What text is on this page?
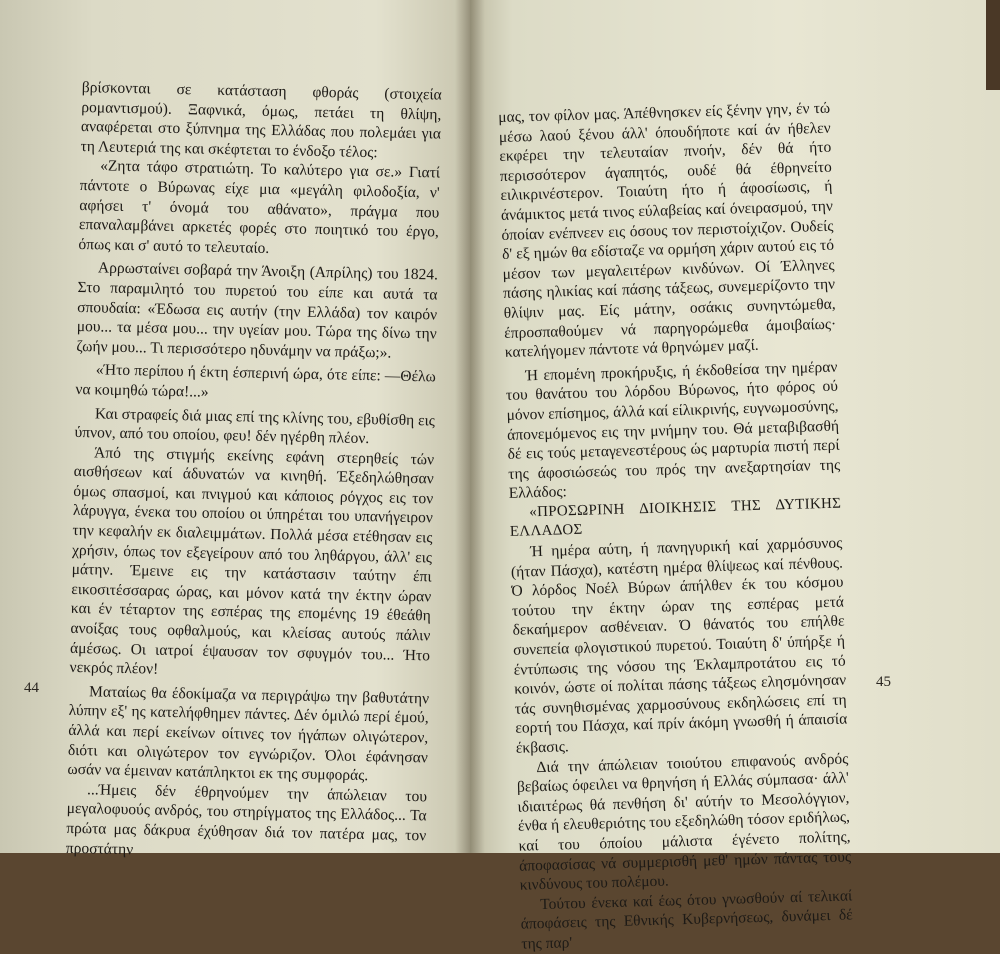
βρίσκονται σε κατάσταση φθοράς (στοιχεία ρομαντισμού). Ξαφνικά, όμως, πετάει τη θλίψη, αναφέρεται στο ξύπνημα της Ελλάδας που πολεμάει για τη Λευτεριά της και σκέφτεται το ένδοξο τέλος:

«Ζητα τάφο στρατιώτη. Το καλύτερο για σε.» Γιατί πάντοτε ο Βύρωνας είχε μια «μεγάλη φιλοδοξία, ν' αφήσει τ' όνομά του αθάνατο», πράγμα που επαναλαμβάνει αρκετές φορές στο ποιητικό του έργο, όπως και σ' αυτό το τελευταίο.

Αρρωσταίνει σοβαρά την Άνοιξη (Απρίλης) του 1824. Στο παραμιλητό του πυρετού του είπε και αυτά τα σπουδαία: «Έδωσα εις αυτήν (την Ελλάδα) τον καιρόν μου... τα μέσα μου... την υγείαν μου. Τώρα της δίνω την ζωήν μου... Τι περισσότερο ηδυνάμην να πράξω;».

«Ήτο περίπου ή έκτη έσπερινή ώρα, ότε είπε: —Θέλω να κοιμηθώ τώρα!...»

Και στραφείς διά μιας επί της κλίνης του, εβυθίσθη εις ύπνον, από του οποίου, φευ! δέν ηγέρθη πλέον.

Άπό της στιγμής εκείνης εφάνη στερηθείς τών αισθήσεων καί άδυνατών να κινηθή. Έξεδηλώθησαν όμως σπασμοί, και πνιγμού και κάποιος ρόγχος εις τον λάρυγγα, ένεκα του οποίου οι ύπηρέται του υπανήγειρον την κεφαλήν εκ διαλειμμάτων. Πολλά μέσα ετέθησαν εις χρήσιν, όπως τον εξεγείρουν από του ληθάργου, άλλ' εις μάτην. Έμεινε εις την κατάστασιν ταύτην έπι εικοσιτέσσαρας ώρας, και μόνον κατά την έκτην ώραν και έν τέταρτον της εσπέρας της επομένης 19 έθεάθη ανοίξας τους οφθαλμούς, και κλείσας αυτούς πάλιν άμέσως. Οι ιατροί έψαυσαν τον σφυγμόν του... Ήτο νεκρός πλέον!

Ματαίως θα έδοκίμαζα να περιγράψω την βαθυτάτην λύπην εξ' ης κατελήφθημεν πάντες. Δέν όμιλώ περί έμού, άλλά και περί εκείνων οίτινες τον ήγάπων ολιγώτερον, διότι και ολιγώτερον τον εγνώριζον. Όλοι έφάνησαν ωσάν να έμειναν κατάπληκτοι εκ της συμφοράς.

...Ήμεις δέν έθρηνούμεν την άπώλειαν του μεγαλοφυούς ανδρός, του στηρίγματος της Ελλάδος... Τα πρώτα μας δάκρυα έχύθησαν διά τον πατέρα μας, τον προστάτην

μας, τον φίλον μας. Άπέθνησκεν είς ξένην γην, έν τώ μέσω λαού ξένου άλλ' όπουδήποτε καί άν ήθελεν εκφέρει την τελευταίαν πνοήν, δέν θά ήτο περισσότερον άγαπητός, ουδέ θά έθρηνείτο ειλικρινέστερον. Τοιαύτη ήτο ή άφοσίωσις, ή άνάμικτος μετά τινος εύλαβείας καί όνειρασμού, την όποίαν ενέπνεεν εις όσους τον περιστοίχιζον. Ουδείς δ' εξ ημών θα εδίσταζε να ορμήση χάριν αυτού εις τό μέσον των μεγαλειτέρων κινδύνων. Οί Έλληνες πάσης ηλικίας καί πάσης τάξεως, συνεμερίζοντο την θλίψιν μας. Είς μάτην, οσάκις συνηντώμεθα, έπροσπαθούμεν νά παρηγορώμεθα άμοιβαίως· κατελήγομεν πάντοτε νά θρηνώμεν μαζί.

Ή επομένη προκήρυξις, ή έκδοθείσα την ημέραν του θανάτου του λόρδου Βύρωνος, ήτο φόρος ού μόνον επίσημος, άλλά καί είλικρινής, ευγνωμοσύνης, άπονεμόμενος εις την μνήμην του. Θά μεταβιβασθή δέ εις τούς μεταγενεστέρους ώς μαρτυρία πιστή περί της άφοσιώσεώς του πρός την ανεξαρτησίαν της Ελλάδος:

«ΠΡΟΣΩΡΙΝΗ ΔΙΟΙΚΗΣΙΣ ΤΗΣ ΔΥΤΙΚΗΣ ΕΛΛΑΔΟΣ

Ή ημέρα αύτη, ή πανηγυρική καί χαρμόσυνος (ήταν Πάσχα), κατέστη ημέρα θλίψεως καί πένθους. Ό λόρδος Νοέλ Βύρων άπήλθεν έκ του κόσμου τούτου την έκτην ώραν της εσπέρας μετά δεκαήμερον ασθένειαν. Ό θάνατός του επήλθε συνεπεία φλογιστικού πυρετού. Τοιαύτη δ' ύπήρξε ή έντύπωσις της νόσου της Έκλαμπροτάτου εις τό κοινόν, ώστε οί πολίται πάσης τάξεως ελησμόνησαν τάς συνηθισμένας χαρμοσύνους εκδηλώσεις επί τη εορτή του Πάσχα, καί πρίν άκόμη γνωσθή ή άπαισία έκβασις.

Διά την άπώλειαν τοιούτου επιφανούς ανδρός βεβαίως όφειλει να θρηνήση ή Ελλάς σύμπασα· άλλ' ιδιαιτέρως θά πενθήση δι' αύτήν το Μεσολόγγιον, ένθα ή ελευθεριότης του εξεδηλώθη τόσον εριδήλως, καί του όποίου μάλιστα έγένετο πολίτης, άποφασίσας νά συμμερισθή μεθ' ημών πάντας τους κινδύνους του πολέμου.

Τούτου ένεκα καί έως ότου γνωσθούν αί τελικαί άποφάσεις της Εθνικής Κυβερνήσεως, δυνάμει δέ της παρ'

44	45
